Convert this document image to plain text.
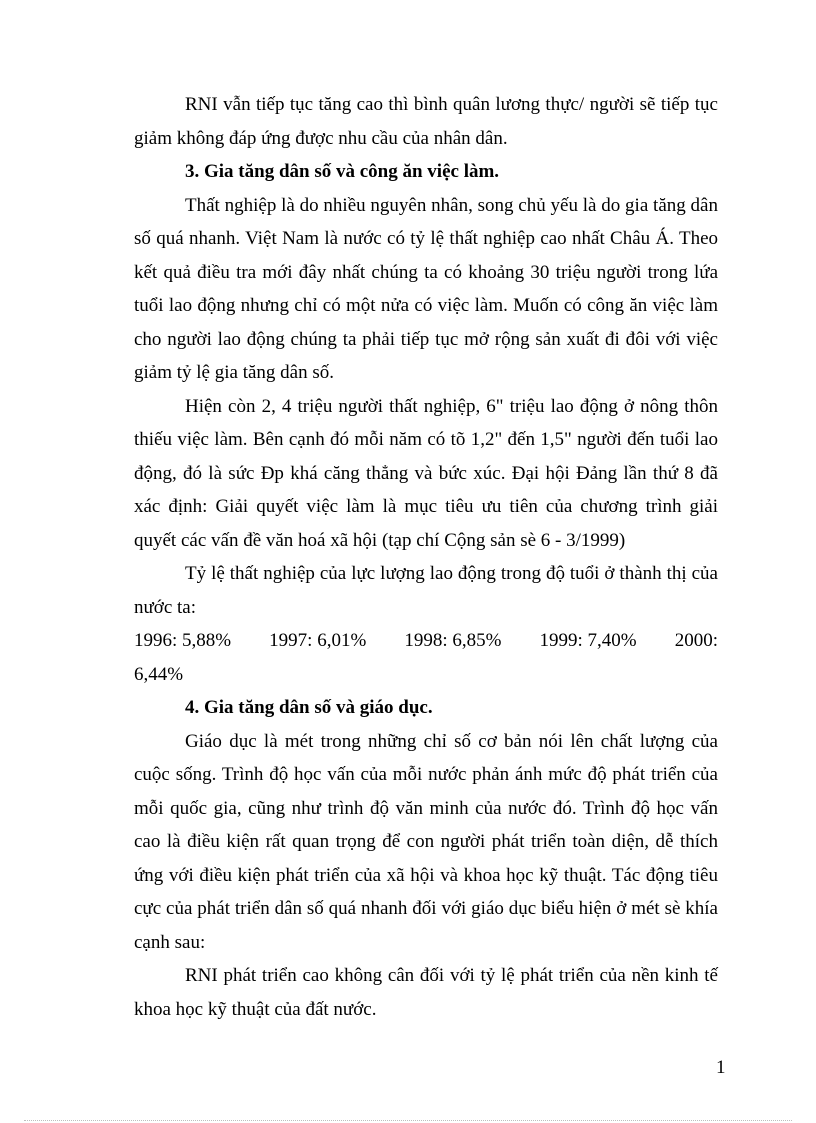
RNI vẫn tiếp tục tăng cao thì bình quân lương thực/ người sẽ tiếp tục giảm không đáp ứng được nhu cầu của nhân dân.

3. Gia tăng dân số và công ăn việc làm.

Thất nghiệp là do nhiều nguyên nhân, song chủ yếu là do gia tăng dân số quá nhanh. Việt Nam là nước có tỷ lệ thất nghiệp cao nhất Châu Á. Theo kết quả điều tra mới đây nhất chúng ta có khoảng 30 triệu người trong lứa tuổi lao động nhưng chỉ có một nửa có việc làm. Muốn có công ăn việc làm cho người lao động chúng ta phải tiếp tục mở rộng sản xuất đi đôi với việc giảm tỷ lệ gia tăng dân số.

Hiện còn 2, 4 triệu người thất nghiệp, 6" triệu lao động ở nông thôn thiếu việc làm. Bên cạnh đó mỗi năm có tõ 1,2" đến 1,5" người đến tuổi lao động, đó là sức Ðp khá căng thẳng và bức xúc. Đại hội Đảng lần thứ 8 đã xác định: Giải quyết việc làm là mục tiêu ưu tiên của chương trình giải quyết các vấn đề văn hoá xã hội (tạp chí Cộng sản sè 6 - 3/1999)

Tỷ lệ thất nghiệp của lực lượng lao động trong độ tuổi ở thành thị của nước ta:

1996: 5,88% 1997: 6,01% 1998: 6,85% 1999: 7,40% 2000:

6,44%

4. Gia tăng dân số và giáo dục.

Giáo dục là mét trong những chỉ số cơ bản nói lên chất lượng của cuộc sống. Trình độ học vấn của mỗi nước phản ánh mức độ phát triển của mỗi quốc gia, cũng như trình độ văn minh của nước đó. Trình độ học vấn cao là điều kiện rất quan trọng để con người phát triển toàn diện, dễ thích ứng với điều kiện phát triển của xã hội và khoa học kỹ thuật. Tác động tiêu cực của phát triển dân số quá nhanh đối với giáo dục biểu hiện ở mét sè khía cạnh sau:

RNI phát triển cao không cân đối với tỷ lệ phát triển của nền kinh tế khoa học kỹ thuật của đất nước.

1
